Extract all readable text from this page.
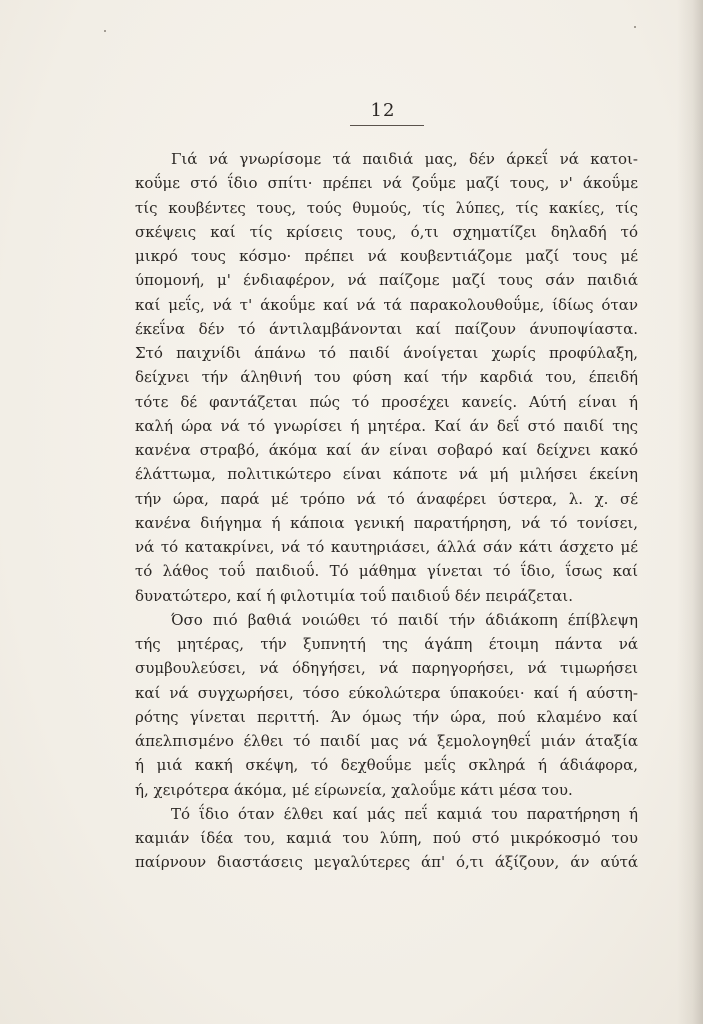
12
Γιά νά γνωρίσομε τά παιδιά μας, δέν άρκεΐ νά κατοι-
κοΰμε στό ΐδιο σπίτι· πρέπει νά ζοΰμε μαζί τους, ν' άκοΰμε
τίς κουβέντες τους, τούς θυμούς, τίς λύπες, τίς κακίες, τίς
σκέψεις καί τίς κρίσεις τους, ό,τι σχηματίζει δηλαδή τό
μικρό τους κόσμο· πρέπει νά κουβεντιάζομε μαζί τους μέ
ύπομονή, μ' ένδιαφέρον, νά παίζομε μαζί τους σάν παιδιά
καί μεΐς, νά τ' άκοΰμε καί νά τά παρακολουθοΰμε, ίδίως όταν
έκεΐνα δέν τό άντιλαμβάνονται καί παίζουν άνυποψίαστα.
Στό παιχνίδι άπάνω τό παιδί άνοίγεται χωρίς προφύλαξη,
δείχνει τήν άληθινή του φύση καί τήν καρδιά του, έπειδή
τότε δέ φαντάζεται πώς τό προσέχει κανείς. Αύτή είναι ή
καλή ώρα νά τό γνωρίσει ή μητέρα. Καί άν δεΐ στό παιδί της
κανένα στραβό, άκόμα καί άν είναι σοβαρό καί δείχνει κακό
έλάττωμα, πολιτικώτερο είναι κάποτε νά μή μιλήσει έκείνη
τήν ώρα, παρά μέ τρόπο νά τό άναφέρει ύστερα, λ. χ. σέ
κανένα διήγημα ή κάποια γενική παρατήρηση, νά τό τονίσει,
νά τό κατακρίνει, νά τό καυτηριάσει, άλλά σάν κάτι άσχετο μέ
τό λάθος τοΰ παιδιοΰ. Τό μάθημα γίνεται τό ΐδιο, ΐσως καί
δυνατώτερο, καί ή φιλοτιμία τοΰ παιδιοΰ δέν πειράζεται.
Όσο πιό βαθιά νοιώθει τό παιδί τήν άδιάκοπη έπίβλεψη
τής μητέρας, τήν ξυπνητή της άγάπη έτοιμη πάντα νά
συμβουλεύσει, νά όδηγήσει, νά παρηγορήσει, νά τιμωρήσει
καί νά συγχωρήσει, τόσο εύκολώτερα ύπακούει· καί ή αύστη-
ρότης γίνεται περιττή. Άν όμως τήν ώρα, πού κλαμένο καί
άπελπισμένο έλθει τό παιδί μας νά ξεμολογηθεΐ μιάν άταξία
ή μιά κακή σκέψη, τό δεχθοΰμε μεΐς σκληρά ή άδιάφορα,
ή, χειρότερα άκόμα, μέ είρωνεία, χαλοΰμε κάτι μέσα του.
Τό ΐδιο όταν έλθει καί μάς πεΐ καμιά του παρατήρηση ή
καμιάν ίδέα του, καμιά του λύπη, πού στό μικρόκοσμό του
παίρνουν διαστάσεις μεγαλύτερες άπ' ό,τι άξίζουν, άν αύτά
